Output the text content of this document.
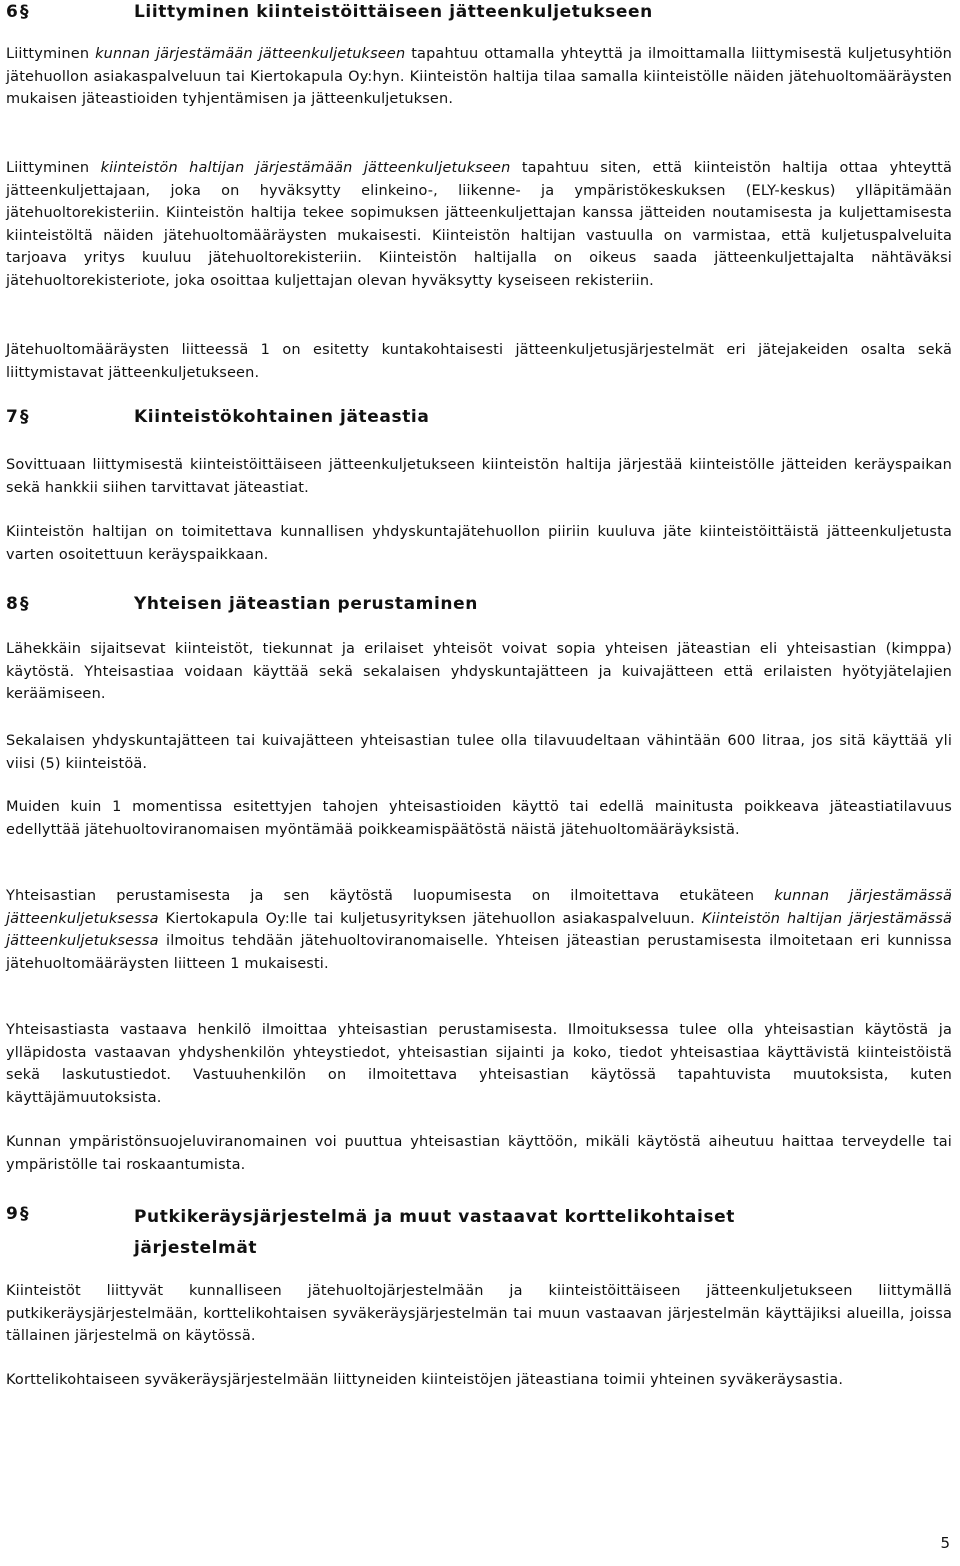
6 §	Liittyminen kiinteistöittäiseen jätteenkuljetukseen

Liittyminen kunnan järjestämään jätteenkuljetukseen tapahtuu ottamalla yhteyttä ja ilmoittamalla liittymisestä kuljetusyhtiön jätehuollon asiakaspalveluun tai Kiertokapula Oy:hyn. Kiinteistön haltija tilaa samalla kiinteistölle näiden jätehuoltomääräysten mukaisen jäteastioiden tyhjentämisen ja jätteenkuljetuksen.

Liittyminen kiinteistön haltijan järjestämään jätteenkuljetukseen tapahtuu siten, että kiinteistön haltija ottaa yhteyttä jätteenkuljettajaan, joka on hyväksytty elinkeino-, liikenne- ja ympäristökeskuksen (ELY-keskus) ylläpitämään jätehuoltorekisteriin. Kiinteistön haltija tekee sopimuksen jätteenkuljettajan kanssa jätteiden noutamisesta ja kuljettamisesta kiinteistöltä näiden jätehuoltomääräysten mukaisesti. Kiinteistön haltijan vastuulla on varmistaa, että kuljetuspalveluita tarjoava yritys kuuluu jätehuoltorekisteriin. Kiinteistön haltijalla on oikeus saada jätteenkuljettajalta nähtäväksi jätehuoltorekisteriote, joka osoittaa kuljettajan olevan hyväksytty kyseiseen rekisteriin.

Jätehuoltomääräysten liitteessä 1 on esitetty kuntakohtaisesti jätteenkuljetusjärjestelmät eri jätejakeiden osalta sekä liittymistavat jätteenkuljetukseen.

7 §	Kiinteistökohtainen jäteastia

Sovittuaan liittymisestä kiinteistöittäiseen jätteenkuljetukseen kiinteistön haltija järjestää kiinteistölle jätteiden keräyspaikan sekä hankkii siihen tarvittavat jäteastiat.

Kiinteistön haltijan on toimitettava kunnallisen yhdyskuntajätehuollon piiriin kuuluva jäte kiinteistöittäistä jätteenkuljetusta varten osoitettuun keräyspaikkaan.

8 §	Yhteisen jäteastian perustaminen

Lähekkäin sijaitsevat kiinteistöt, tiekunnat ja erilaiset yhteisöt voivat sopia yhteisen jäteastian eli yhteisastian (kimppa) käytöstä. Yhteisastiaa voidaan käyttää sekä sekalaisen yhdyskuntajätteen ja kuivajätteen että erilaisten hyötyjätelajien keräämiseen.

Sekalaisen yhdyskuntajätteen tai kuivajätteen yhteisastian tulee olla tilavuudeltaan vähintään 600 litraa, jos sitä käyttää yli viisi (5) kiinteistöä.

Muiden kuin 1 momentissa esitettyjen tahojen yhteisastioiden käyttö tai edellä mainitusta poikkeava jäteastiatilavuus edellyttää jätehuoltoviranomaisen myöntämää poikkeamispäätöstä näistä jätehuoltomääräyksistä.

Yhteisastian perustamisesta ja sen käytöstä luopumisesta on ilmoitettava etukäteen kunnan järjestämässä jätteenkuljetuksessa Kiertokapula Oy:lle tai kuljetusyrityksen jätehuollon asiakaspalveluun. Kiinteistön haltijan järjestämässä jätteenkuljetuksessa ilmoitus tehdään jätehuoltoviranomaiselle. Yhteisen jäteastian perustamisesta ilmoitetaan eri kunnissa jätehuoltomääräysten liitteen 1 mukaisesti.

Yhteisastiasta vastaava henkilö ilmoittaa yhteisastian perustamisesta. Ilmoituksessa tulee olla yhteisastian käytöstä ja ylläpidosta vastaavan yhdyshenkilön yhteystiedot, yhteisastian sijainti ja koko, tiedot yhteisastiaa käyttävistä kiinteistöistä sekä laskutustiedot. Vastuuhenkilön on ilmoitettava yhteisastian käytössä tapahtuvista muutoksista, kuten käyttäjämuutoksista.

Kunnan ympäristönsuojeluviranomainen voi puuttua yhteisastian käyttöön, mikäli käytöstä aiheutuu haittaa terveydelle tai ympäristölle tai roskaantumista.

9 §	Putkikeräysjärjestelmä ja muut vastaavat korttelikohtaiset järjestelmät

Kiinteistöt liittyvät kunnalliseen jätehuoltojärjestelmään ja kiinteistöittäiseen jätteenkuljetukseen liittymällä putkikeräysjärjestelmään, korttelikohtaisen syväkeräysjärjestelmän tai muun vastaavan järjestelmän käyttäjiksi alueilla, joissa tällainen järjestelmä on käytössä.

Korttelikohtaiseen syväkeräysjärjestelmään liittyneiden kiinteistöjen jäteastiana toimii yhteinen syväkeräysastia.

5
